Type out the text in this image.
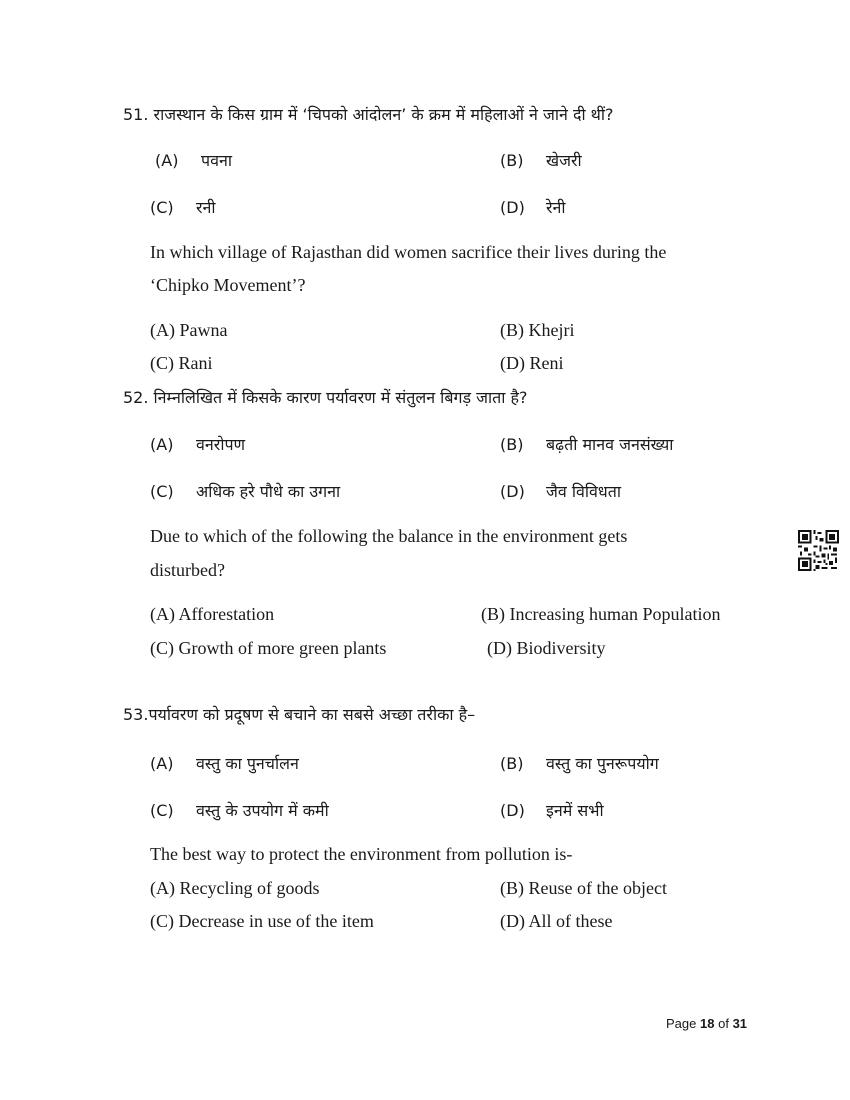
51. राजस्थान के किस ग्राम में ‘चिपको आंदोलन’ के क्रम में महिलाओं ने जाने दी थीं?
(A) पवना	(B) खेजरी
(C) रनी	(D) रेनी
In which village of Rajasthan did women sacrifice their lives during the
‘Chipko Movement’?
(A) Pawna	(B) Khejri
(C) Rani	(D) Reni
52. निम्नलिखित में किसके कारण पर्यावरण में संतुलन बिगड़ जाता है?
(A) वनरोपण	(B) बढ़ती मानव जनसंख्या
(C) अधिक हरे पौधे का उगना	(D) जैव विविधता
Due to which of the following the balance in the environment gets
disturbed?
(A) Afforestation	(B) Increasing human Population
(C) Growth of more green plants	(D) Biodiversity
53.पर्यावरण को प्रदूषण से बचाने का सबसे अच्छा तरीका है–
(A) वस्तु का पुनर्चालन	(B) वस्तु का पुनरूपयोग
(C) वस्तु के उपयोग में कमी	(D) इनमें सभी
The best way to protect the environment from pollution is-
(A) Recycling of goods	(B) Reuse of the object
(C) Decrease in use of the item	(D) All of these
Page 18 of 31
